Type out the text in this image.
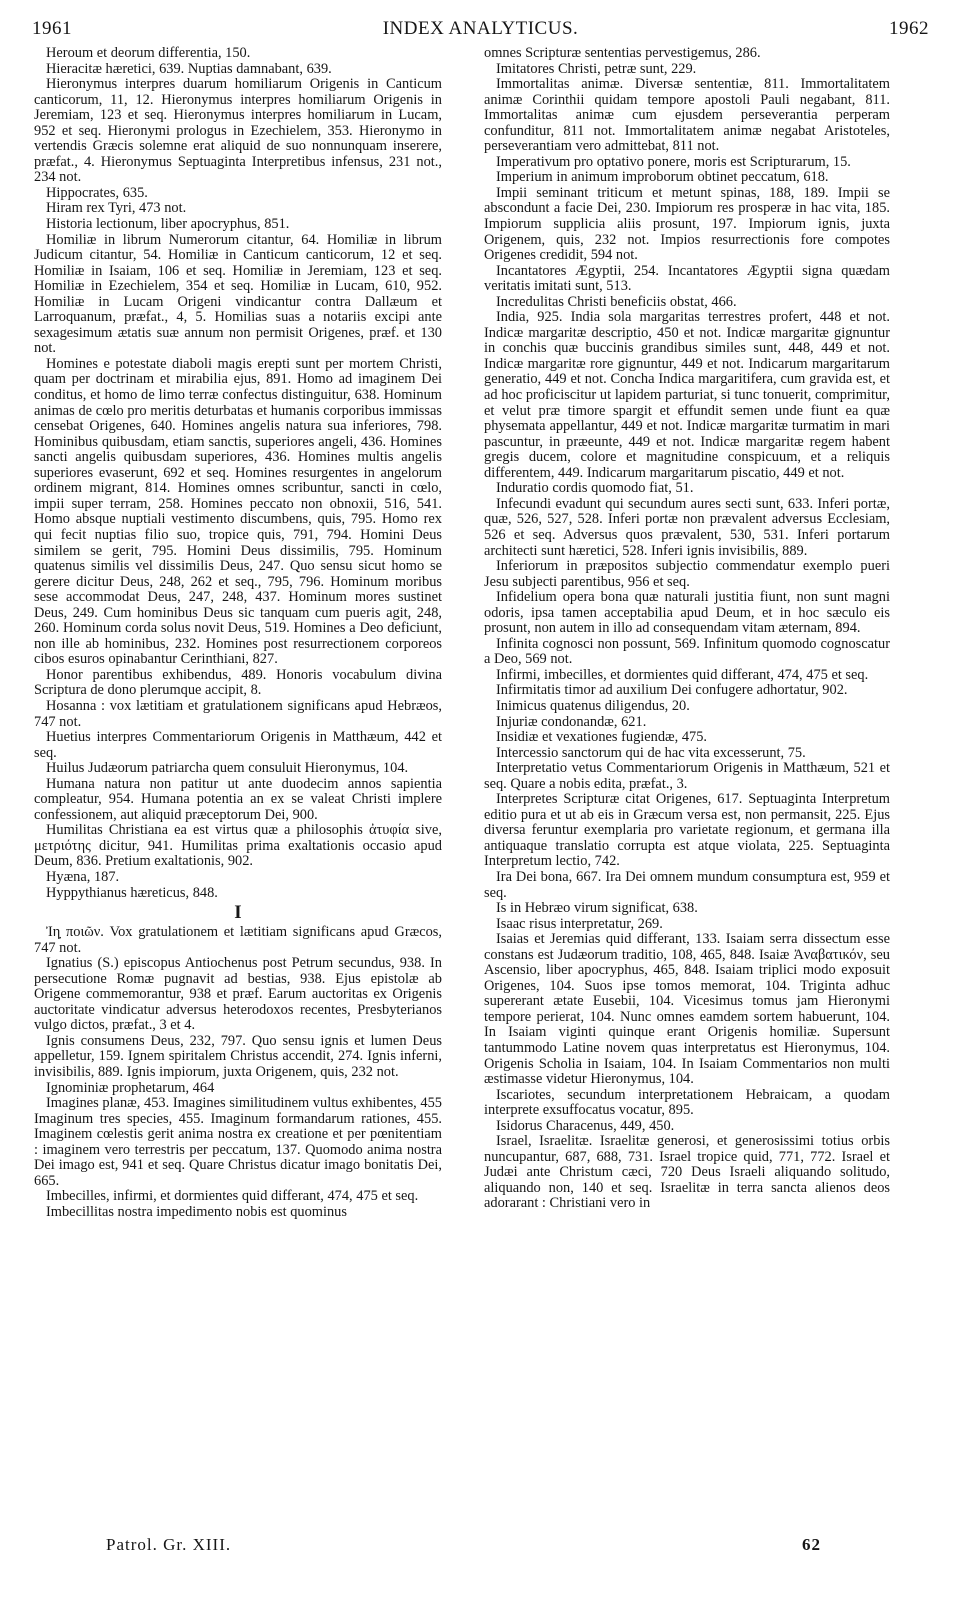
1961	INDEX ANALYTICUS.	1962

Heroum et deorum differentia, 150.

Hieracitæ hæretici, 639. Nuptias damnabant, 639.

Hieronymus interpres duarum homiliarum Origenis in Canticum canticorum, 11, 12. Hieronymus interpres homiliarum Origenis in Jeremiam, 123 et seq. Hieronymus interpres homiliarum in Lucam, 952 et seq. Hieronymi prologus in Ezechielem, 353. Hieronymo in vertendis Græcis solemne erat aliquid de suo nonnunquam inserere, præfat., 4. Hieronymus Septuaginta Interpretibus infensus, 231 not., 234 not.

Hippocrates, 635.

Hiram rex Tyri, 473 not.

Historia lectionum, liber apocryphus, 851.

Homiliæ in librum Numerorum citantur, 64. Homiliæ in librum Judicum citantur, 54. Homiliæ in Canticum canticorum, 12 et seq. Homiliæ in Isaiam, 106 et seq. Homiliæ in Jeremiam, 123 et seq. Homiliæ in Ezechielem, 354 et seq. Homiliæ in Lucam, 610, 952. Homiliæ in Lucam Origeni vindicantur contra Dallæum et Larroquanum, præfat., 4, 5. Homilias suas a notariis excipi ante sexagesimum ætatis suæ annum non permisit Origenes, præf. et 130 not.

Homines e potestate diaboli magis erepti sunt per mortem Christi, quam per doctrinam et mirabilia ejus, 891. Homo ad imaginem Dei conditus, et homo de limo terræ confectus distinguitur, 638. Hominum animas de cœlo pro meritis deturbatas et humanis corporibus immissas censebat Origenes, 640. Homines angelis natura sua inferiores, 798. Hominibus quibusdam, etiam sanctis, superiores angeli, 436. Homines sancti angelis quibusdam superiores, 436. Homines multis angelis superiores evaserunt, 692 et seq. Homines resurgentes in angelorum ordinem migrant, 814. Homines omnes scribuntur, sancti in cœlo, impii super terram, 258. Homines peccato non obnoxii, 516, 541. Homo absque nuptiali vestimento discumbens, quis, 795. Homo rex qui fecit nuptias filio suo, tropice quis, 791, 794. Homini Deus similem se gerit, 795. Homini Deus dissimilis, 795. Hominum quatenus similis vel dissimilis Deus, 247. Quo sensu sicut homo se gerere dicitur Deus, 248, 262 et seq., 795, 796. Hominum moribus sese accommodat Deus, 247, 248, 437. Hominum mores sustinet Deus, 249. Cum hominibus Deus sic tanquam cum pueris agit, 248, 260. Hominum corda solus novit Deus, 519. Homines a Deo deficiunt, non ille ab hominibus, 232. Homines post resurrectionem corporeos cibos esuros opinabantur Cerinthiani, 827.

Honor parentibus exhibendus, 489. Honoris vocabulum divina Scriptura de dono plerumque accipit, 8.

Hosanna : vox lætitiam et gratulationem significans apud Hebræos, 747 not.

Huetius interpres Commentariorum Origenis in Matthæum, 442 et seq.

Huilus Judæorum patriarcha quem consuluit Hieronymus, 104.

Humana natura non patitur ut ante duodecim annos sapientia compleatur, 954. Humana potentia an ex se valeat Christi implere confessionem, aut aliquid præceptorum Dei, 900.

Humilitas Christiana ea est virtus quæ a philosophis ἀτυφία sive, μετριότης dicitur, 941. Humilitas prima exaltationis occasio apud Deum, 836. Pretium exaltationis, 902.

Hyæna, 187.

Hyppythianus hæreticus, 848.

I

Ἰη̣ ποιῶν. Vox gratulationem et lætitiam significans apud Græcos, 747 not.

Ignatius (S.) episcopus Antiochenus post Petrum secundus, 938. In persecutione Romæ pugnavit ad bestias, 938. Ejus epistolæ ab Origene commemorantur, 938 et præf. Earum auctoritas ex Origenis auctoritate vindicatur adversus heterodoxos recentes, Presbyterianos vulgo dictos, præfat., 3 et 4.

Ignis consumens Deus, 232, 797. Quo sensu ignis et lumen Deus appelletur, 159. Ignem spiritalem Christus accendit, 274. Ignis inferni, invisibilis, 889. Ignis impiorum, juxta Origenem, quis, 232 not.

Ignominiæ prophetarum, 464

Imagines planæ, 453. Imagines similitudinem vultus exhibentes, 455 Imaginum tres species, 455. Imaginum formandarum rationes, 455. Imaginem cœlestis gerit anima nostra ex creatione et per pœnitentiam : imaginem vero terrestris per peccatum, 137. Quomodo anima nostra Dei imago est, 941 et seq. Quare Christus dicatur imago bonitatis Dei, 665.

Imbecilles, infirmi, et dormientes quid differant, 474, 475 et seq.

Imbecillitas nostra impedimento nobis est quominus

omnes Scripturæ sententias pervestigemus, 286.

Imitatores Christi, petræ sunt, 229.

Immortalitas animæ. Diversæ sententiæ, 811. Immortalitatem animæ Corinthii quidam tempore apostoli Pauli negabant, 811. Immortalitas animæ cum ejusdem perseverantia perperam confunditur, 811 not. Immortalitatem animæ negabat Aristoteles, perseverantiam vero admittebat, 811 not.

Imperativum pro optativo ponere, moris est Scripturarum, 15.

Imperium in animum improborum obtinet peccatum, 618.

Impii seminant triticum et metunt spinas, 188, 189. Impii se abscondunt a facie Dei, 230. Impiorum res prosperæ in hac vita, 185. Impiorum supplicia aliis prosunt, 197. Impiorum ignis, juxta Origenem, quis, 232 not. Impios resurrectionis fore compotes Origenes credidit, 594 not.

Incantatores Ægyptii, 254. Incantatores Ægyptii signa quædam veritatis imitati sunt, 513.

Incredulitas Christi beneficiis obstat, 466.

India, 925. India sola margaritas terrestres profert, 448 et not. Indicæ margaritæ descriptio, 450 et not. Indicæ margaritæ gignuntur in conchis quæ buccinis grandibus similes sunt, 448, 449 et not. Indicæ margaritæ rore gignuntur, 449 et not. Indicarum margaritarum generatio, 449 et not. Concha Indica margaritifera, cum gravida est, et ad hoc proficiscitur ut lapidem parturiat, si tunc tonuerit, comprimitur, et velut præ timore spargit et effundit semen unde fiunt ea quæ physemata appellantur, 449 et not. Indicæ margaritæ turmatim in mari pascuntur, in præeunte, 449 et not. Indicæ margaritæ regem habent gregis ducem, colore et magnitudine conspicuum, et a reliquis differentem, 449. Indicarum margaritarum piscatio, 449 et not.

Induratio cordis quomodo fiat, 51.

Infecundi evadunt qui secundum aures secti sunt, 633. Inferi portæ, quæ, 526, 527, 528. Inferi portæ non prævalent adversus Ecclesiam, 526 et seq. Adversus quos prævalent, 530, 531. Inferi portarum architecti sunt hæretici, 528. Inferi ignis invisibilis, 889.

Inferiorum in præpositos subjectio commendatur exemplo pueri Jesu subjecti parentibus, 956 et seq.

Infidelium opera bona quæ naturali justitia fiunt, non sunt magni odoris, ipsa tamen acceptabilia apud Deum, et in hoc sæculo eis prosunt, non autem in illo ad consequendam vitam æternam, 894.

Infinita cognosci non possunt, 569. Infinitum quomodo cognoscatur a Deo, 569 not.

Infirmi, imbecilles, et dormientes quid differant, 474, 475 et seq.

Infirmitatis timor ad auxilium Dei confugere adhortatur, 902.

Inimicus quatenus diligendus, 20.

Injuriæ condonandæ, 621.

Insidiæ et vexationes fugiendæ, 475.

Intercessio sanctorum qui de hac vita excesserunt, 75.

Interpretatio vetus Commentariorum Origenis in Matthæum, 521 et seq. Quare a nobis edita, præfat., 3.

Interpretes Scripturæ citat Origenes, 617. Septuaginta Interpretum editio pura et ut ab eis in Græcum versa est, non permansit, 225. Ejus diversa feruntur exemplaria pro varietate regionum, et germana illa antiquaque translatio corrupta est atque violata, 225. Septuaginta Interpretum lectio, 742.

Ira Dei bona, 667. Ira Dei omnem mundum consumptura est, 959 et seq.

Is in Hebræo virum significat, 638.

Isaac risus interpretatur, 269.

Isaias et Jeremias quid differant, 133. Isaiam serra dissectum esse constans est Judæorum traditio, 108, 465, 848. Isaiæ Ἀναβατικόν, seu Ascensio, liber apocryphus, 465, 848. Isaiam triplici modo exposuit Origenes, 104. Suos ipse tomos memorat, 104. Triginta adhuc supererant ætate Eusebii, 104. Vicesimus tomus jam Hieronymi tempore perierat, 104. Nunc omnes eamdem sortem habuerunt, 104. In Isaiam viginti quinque erant Origenis homiliæ. Supersunt tantummodo Latine novem quas interpretatus est Hieronymus, 104. Origenis Scholia in Isaiam, 104. In Isaiam Commentarios non multi æstimasse videtur Hieronymus, 104.

Iscariotes, secundum interpretationem Hebraicam, a quodam interprete exsuffocatus vocatur, 895.

Isidorus Characenus, 449, 450.

Israel, Israelitæ. Israelitæ generosi, et generosissimi totius orbis nuncupantur, 687, 688, 731. Israel tropice quid, 771, 772. Israel et Judæi ante Christum cæci, 720 Deus Israeli aliquando solitudo, aliquando non, 140 et seq. Israelitæ in terra sancta alienos deos adorarant : Christiani vero in

Patrol. Gr. XIII.	62
